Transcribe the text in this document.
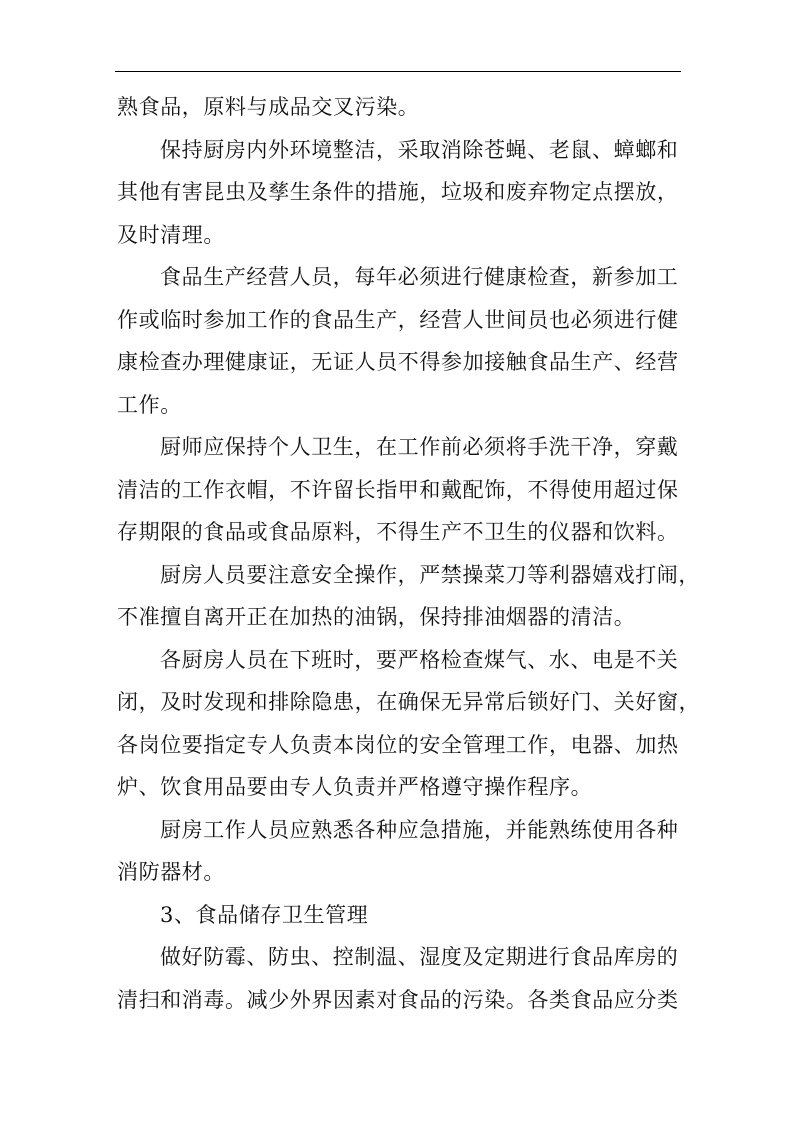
熟食品，原料与成品交叉污染。
保持厨房内外环境整洁，采取消除苍蝇、老鼠、蟑螂和
其他有害昆虫及孳生条件的措施，垃圾和废弃物定点摆放，
及时清理。
食品生产经营人员，每年必须进行健康检查，新参加工
作或临时参加工作的食品生产，经营人世间员也必须进行健
康检查办理健康证，无证人员不得参加接触食品生产、经营
工作。
厨师应保持个人卫生，在工作前必须将手洗干净，穿戴
清洁的工作衣帽，不许留长指甲和戴配饰，不得使用超过保
存期限的食品或食品原料，不得生产不卫生的仪器和饮料。
厨房人员要注意安全操作，严禁操菜刀等利器嬉戏打闹，
不准擅自离开正在加热的油锅，保持排油烟器的清洁。
各厨房人员在下班时，要严格检查煤气、水、电是不关
闭，及时发现和排除隐患，在确保无异常后锁好门、关好窗，
各岗位要指定专人负责本岗位的安全管理工作，电器、加热
炉、饮食用品要由专人负责并严格遵守操作程序。
厨房工作人员应熟悉各种应急措施，并能熟练使用各种
消防器材。
3、食品储存卫生管理
做好防霉、防虫、控制温、湿度及定期进行食品库房的
清扫和消毒。减少外界因素对食品的污染。各类食品应分类
